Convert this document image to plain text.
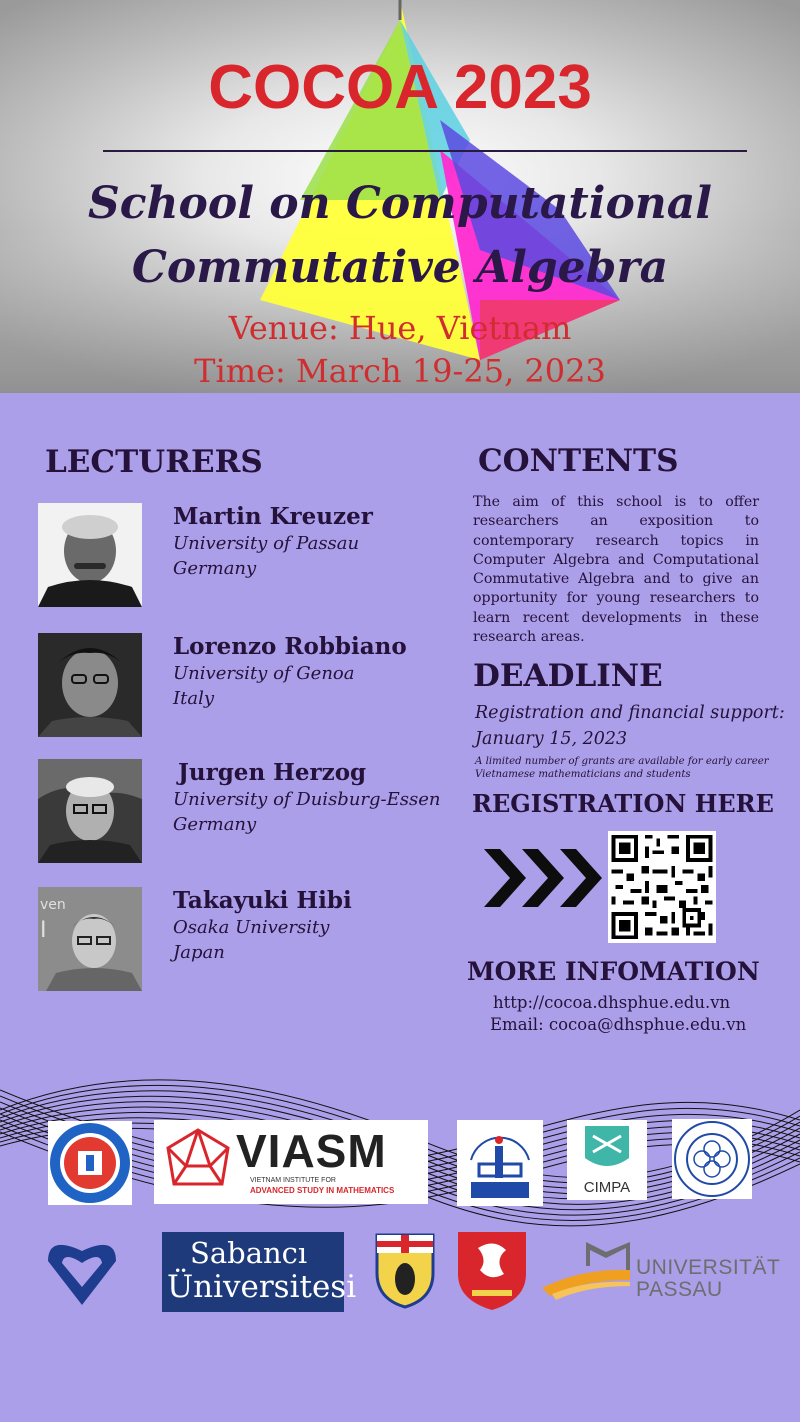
COCOA 2023
School on Computational
Commutative Algebra
Venue: Hue, Vietnam
Time: March 19-25, 2023
LECTURERS
Martin Kreuzer
University of Passau
Germany
Lorenzo Robbiano
University of Genoa
Italy
Jurgen Herzog
University of Duisburg-Essen
Germany
ven
I
Takayuki Hibi
Osaka University
Japan
CONTENTS
The aim of this school is to offer researchers an exposition to contemporary research topics in Computer Algebra and Computational Commutative Algebra and to give an opportunity for young researchers to learn recent developments in these research areas.
DEADLINE
Registration and financial support:
January 15, 2023
A limited number of grants are available for early career
Vietnamese mathematicians and students
REGISTRATION HERE
MORE INFOMATION
http://cocoa.dhsphue.edu.vn
Email: cocoa@dhsphue.edu.vn
VIASM
VIETNAM INSTITUTE FOR
ADVANCED STUDY IN MATHEMATICS	CIMPA
Sabancı
Üniversitesi
UNIVERSITÄT
PASSAU
